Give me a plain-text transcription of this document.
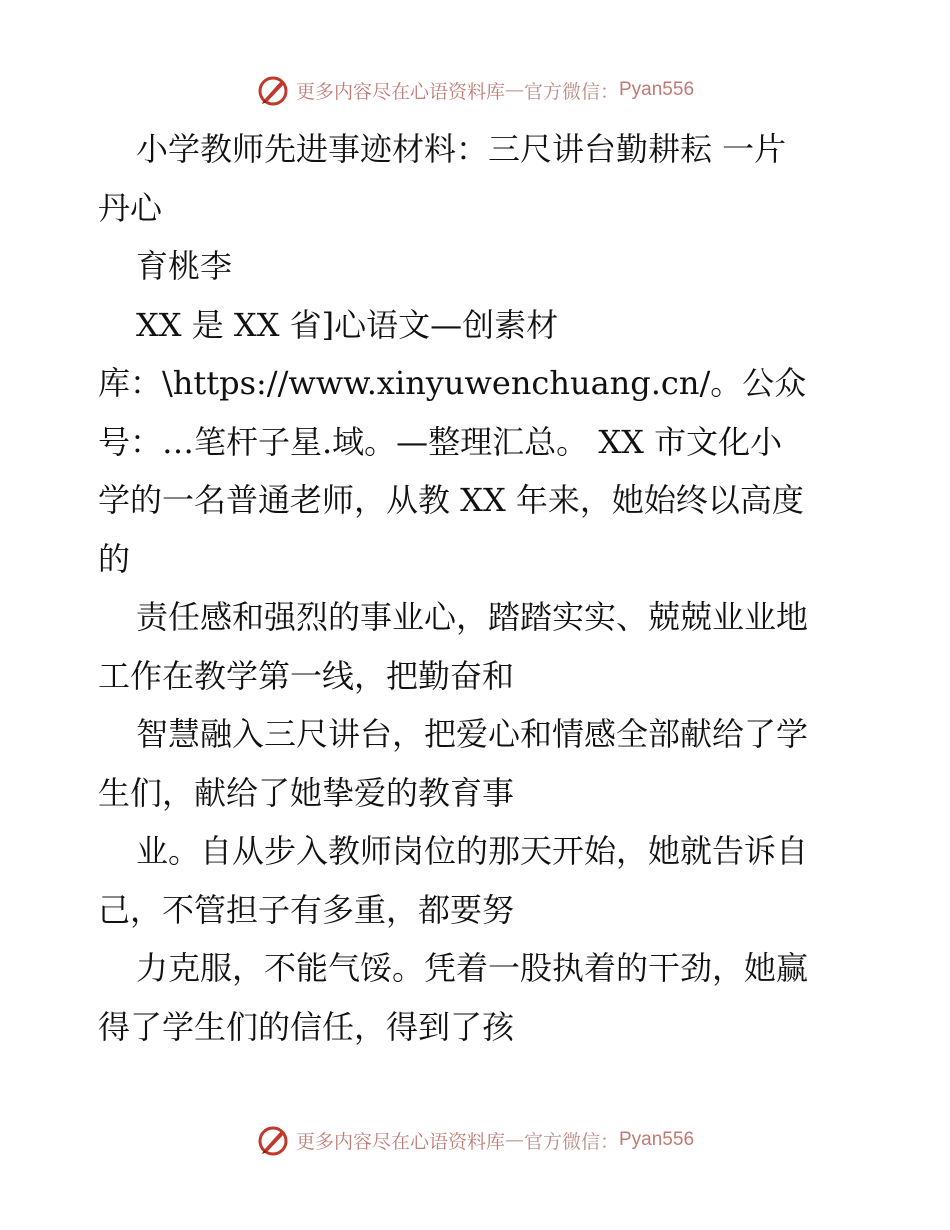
更多内容尽在心语资料库 — 官方微信： Pyan556
小学教师先进事迹材料：三尺讲台勤耕耘 一片
丹心
育桃李
XX 是 XX 省]心语文—创素材
库：\https://www.xinyuwenchuang.cn/。公众
号：…笔杆子星.域。—整理汇总。 XX 市文化小
学的一名普通老师，从教 XX 年来，她始终以高度
的
责任感和强烈的事业心，踏踏实实、兢兢业业地
工作在教学第一线，把勤奋和
智慧融入三尺讲台，把爱心和情感全部献给了学
生们，献给了她挚爱的教育事
业。自从步入教师岗位的那天开始，她就告诉自
己，不管担子有多重，都要努
力克服，不能气馁。凭着一股执着的干劲，她赢
得了学生们的信任，得到了孩
更多内容尽在心语资料库 — 官方微信： Pyan556
